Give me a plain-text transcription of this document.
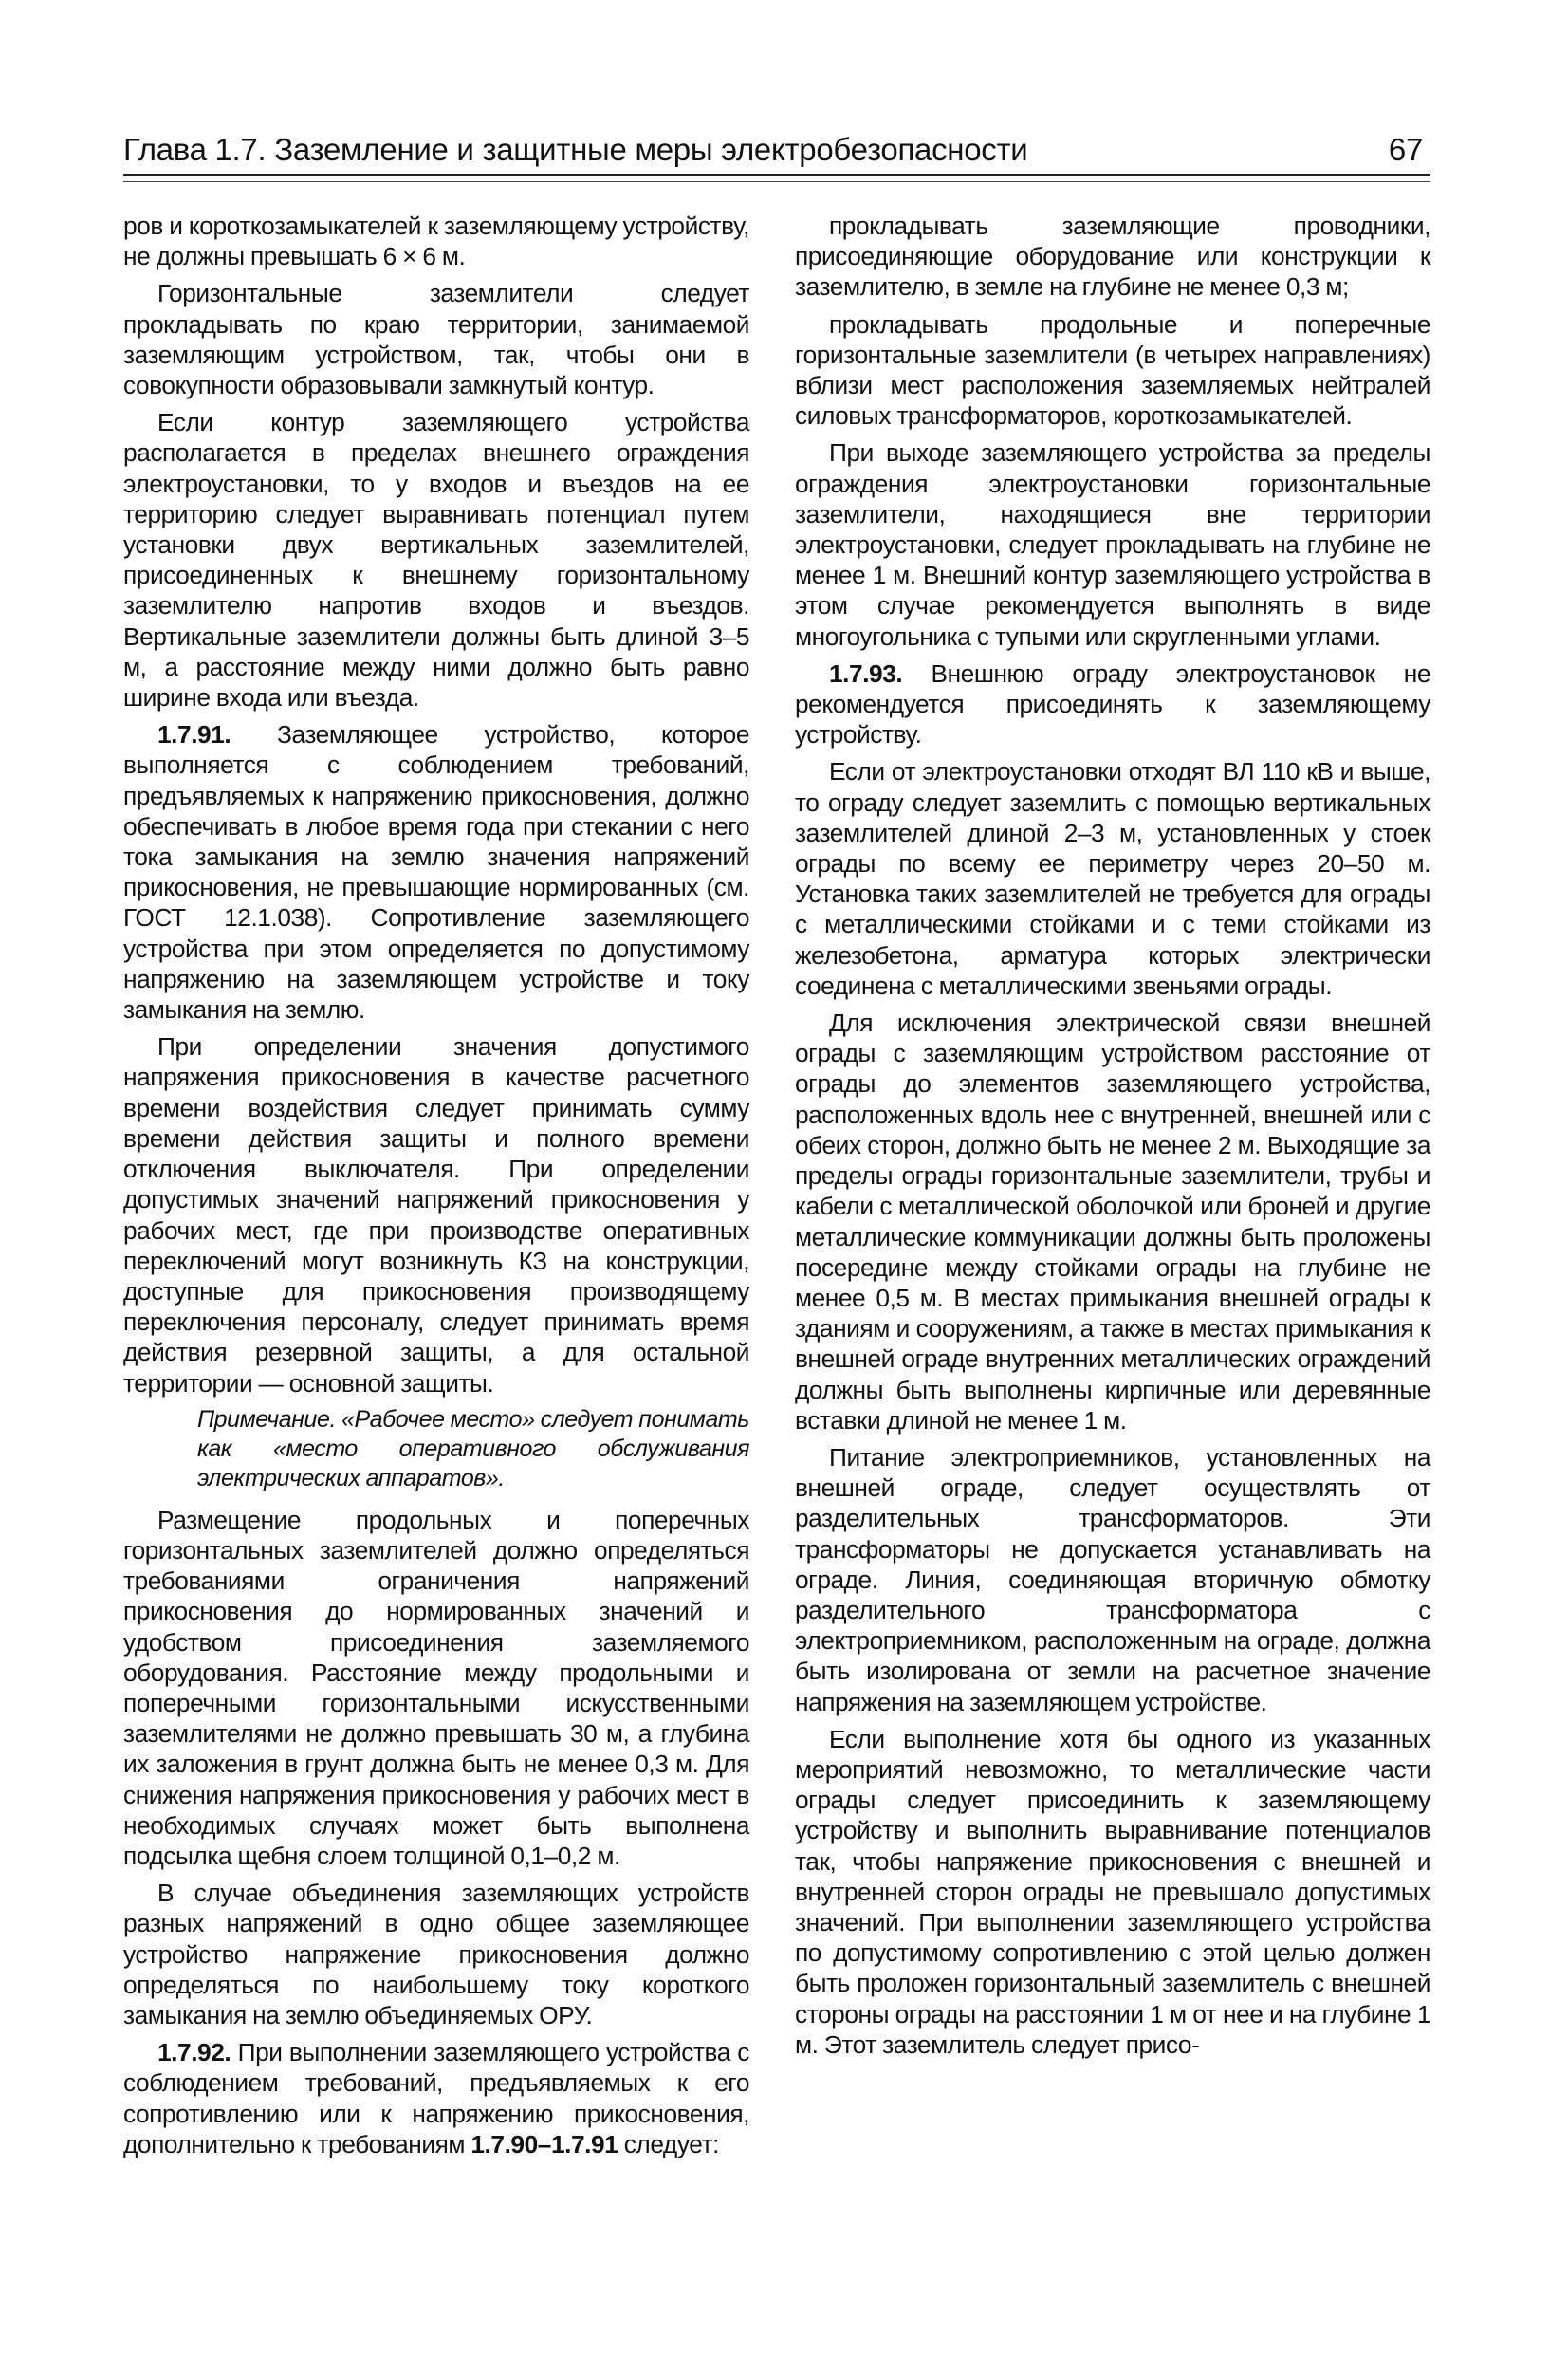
Глава 1.7. Заземление и защитные меры электробезопасности	67

ров и короткозамыкателей к заземляющему устройству, не должны превышать 6 × 6 м.

Горизонтальные заземлители следует прокладывать по краю территории, занимаемой заземляющим устройством, так, чтобы они в совокупности образовывали замкнутый контур.

Если контур заземляющего устройства располагается в пределах внешнего ограждения электроустановки, то у входов и въездов на ее территорию следует выравнивать потенциал путем установки двух вертикальных заземлителей, присоединенных к внешнему горизонтальному заземлителю напротив входов и въездов. Вертикальные заземлители должны быть длиной 3–5 м, а расстояние между ними должно быть равно ширине входа или въезда.

1.7.91. Заземляющее устройство, которое выполняется с соблюдением требований, предъявляемых к напряжению прикосновения, должно обеспечивать в любое время года при стекании с него тока замыкания на землю значения напряжений прикосновения, не превышающие нормированных (см. ГОСТ 12.1.038). Сопротивление заземляющего устройства при этом определяется по допустимому напряжению на заземляющем устройстве и току замыкания на землю.

При определении значения допустимого напряжения прикосновения в качестве расчетного времени воздействия следует принимать сумму времени действия защиты и полного времени отключения выключателя. При определении допустимых значений напряжений прикосновения у рабочих мест, где при производстве оперативных переключений могут возникнуть КЗ на конструкции, доступные для прикосновения производящему переключения персоналу, следует принимать время действия резервной защиты, а для остальной территории — основной защиты.

Примечание. «Рабочее место» следует понимать как «место оперативного обслуживания электрических аппаратов».

Размещение продольных и поперечных горизонтальных заземлителей должно определяться требованиями ограничения напряжений прикосновения до нормированных значений и удобством присоединения заземляемого оборудования. Расстояние между продольными и поперечными горизонтальными искусственными заземлителями не должно превышать 30 м, а глубина их заложения в грунт должна быть не менее 0,3 м. Для снижения напряжения прикосновения у рабочих мест в необходимых случаях может быть выполнена подсылка щебня слоем толщиной 0,1–0,2 м.

В случае объединения заземляющих устройств разных напряжений в одно общее заземляющее устройство напряжение прикосновения должно определяться по наибольшему току короткого замыкания на землю объединяемых ОРУ.

1.7.92. При выполнении заземляющего устройства с соблюдением требований, предъявляемых к его сопротивлению или к напряжению прикосновения, дополнительно к требованиям 1.7.90–1.7.91 следует:

прокладывать заземляющие проводники, присоединяющие оборудование или конструкции к заземлителю, в земле на глубине не менее 0,3 м;

прокладывать продольные и поперечные горизонтальные заземлители (в четырех направлениях) вблизи мест расположения заземляемых нейтралей силовых трансформаторов, короткозамыкателей.

При выходе заземляющего устройства за пределы ограждения электроустановки горизонтальные заземлители, находящиеся вне территории электроустановки, следует прокладывать на глубине не менее 1 м. Внешний контур заземляющего устройства в этом случае рекомендуется выполнять в виде многоугольника с тупыми или скругленными углами.

1.7.93. Внешнюю ограду электроустановок не рекомендуется присоединять к заземляющему устройству.

Если от электроустановки отходят ВЛ 110 кВ и выше, то ограду следует заземлить с помощью вертикальных заземлителей длиной 2–3 м, установленных у стоек ограды по всему ее периметру через 20–50 м. Установка таких заземлителей не требуется для ограды с металлическими стойками и с теми стойками из железобетона, арматура которых электрически соединена с металлическими звеньями ограды.

Для исключения электрической связи внешней ограды с заземляющим устройством расстояние от ограды до элементов заземляющего устройства, расположенных вдоль нее с внутренней, внешней или с обеих сторон, должно быть не менее 2 м. Выходящие за пределы ограды горизонтальные заземлители, трубы и кабели с металлической оболочкой или броней и другие металлические коммуникации должны быть проложены посередине между стойками ограды на глубине не менее 0,5 м. В местах примыкания внешней ограды к зданиям и сооружениям, а также в местах примыкания к внешней ограде внутренних металлических ограждений должны быть выполнены кирпичные или деревянные вставки длиной не менее 1 м.

Питание электроприемников, установленных на внешней ограде, следует осуществлять от разделительных трансформаторов. Эти трансформаторы не допускается устанавливать на ограде. Линия, соединяющая вторичную обмотку разделительного трансформатора с электроприемником, расположенным на ограде, должна быть изолирована от земли на расчетное значение напряжения на заземляющем устройстве.

Если выполнение хотя бы одного из указанных мероприятий невозможно, то металлические части ограды следует присоединить к заземляющему устройству и выполнить выравнивание потенциалов так, чтобы напряжение прикосновения с внешней и внутренней сторон ограды не превышало допустимых значений. При выполнении заземляющего устройства по допустимому сопротивлению с этой целью должен быть проложен горизонтальный заземлитель с внешней стороны ограды на расстоянии 1 м от нее и на глубине 1 м. Этот заземлитель следует присо-
